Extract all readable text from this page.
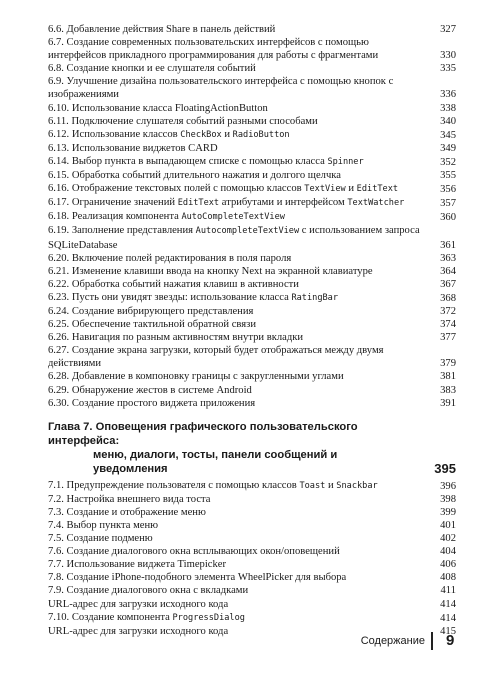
6.6. Добавление действия Share в панель действий	327
6.7. Создание современных пользовательских интерфейсов с помощью интерфейсов прикладного программирования для работы с фрагментами	330
6.8. Создание кнопки и ее слушателя событий	335
6.9. Улучшение дизайна пользовательского интерфейса с помощью кнопок с изображениями	336
6.10. Использование класса FloatingActionButton	338
6.11. Подключение слушателя событий разными способами	340
6.12. Использование классов CheckBox и RadioButton	345
6.13. Использование виджетов CARD	349
6.14. Выбор пункта в выпадающем списке с помощью класса Spinner	352
6.15. Обработка событий длительного нажатия и долгого щелчка	355
6.16. Отображение текстовых полей с помощью классов TextView и EditText	356
6.17. Ограничение значений EditText атрибутами и интерфейсом TextWatcher	357
6.18. Реализация компонента AutoCompleteTextView	360
6.19. Заполнение представления AutocompleteTextView с использованием запроса SQLiteDatabase	361
6.20. Включение полей редактирования в поля пароля	363
6.21. Изменение клавиши ввода на кнопку Next на экранной клавиатуре	364
6.22. Обработка событий нажатия клавиш в активности	367
6.23. Пусть они увидят звезды: использование класса RatingBar	368
6.24. Создание вибрирующего представления	372
6.25. Обеспечение тактильной обратной связи	374
6.26. Навигация по разным активностям внутри вкладки	377
6.27. Создание экрана загрузки, который будет отображаться между двумя действиями	379
6.28. Добавление в компоновку границы с закругленными углами	381
6.29. Обнаружение жестов в системе Android	383
6.30. Создание простого виджета приложения	391
Глава 7. Оповещения графического пользовательского интерфейса:
меню, диалоги, тосты, панели сообщений и уведомления	395
7.1. Предупреждение пользователя с помощью классов Toast и Snackbar	396
7.2. Настройка внешнего вида тоста	398
7.3. Создание и отображение меню	399
7.4. Выбор пункта меню	401
7.5. Создание подменю	402
7.6. Создание диалогового окна всплывающих окон/оповещений	404
7.7. Использование виджета Timepicker	406
7.8. Создание iPhone-подобного элемента WheelPicker для выбора	408
7.9. Создание диалогового окна с вкладками	411
URL-адрес для загрузки исходного кода	414
7.10. Создание компонента ProgressDialog	414
URL-адрес для загрузки исходного кода	415
Содержание 9
